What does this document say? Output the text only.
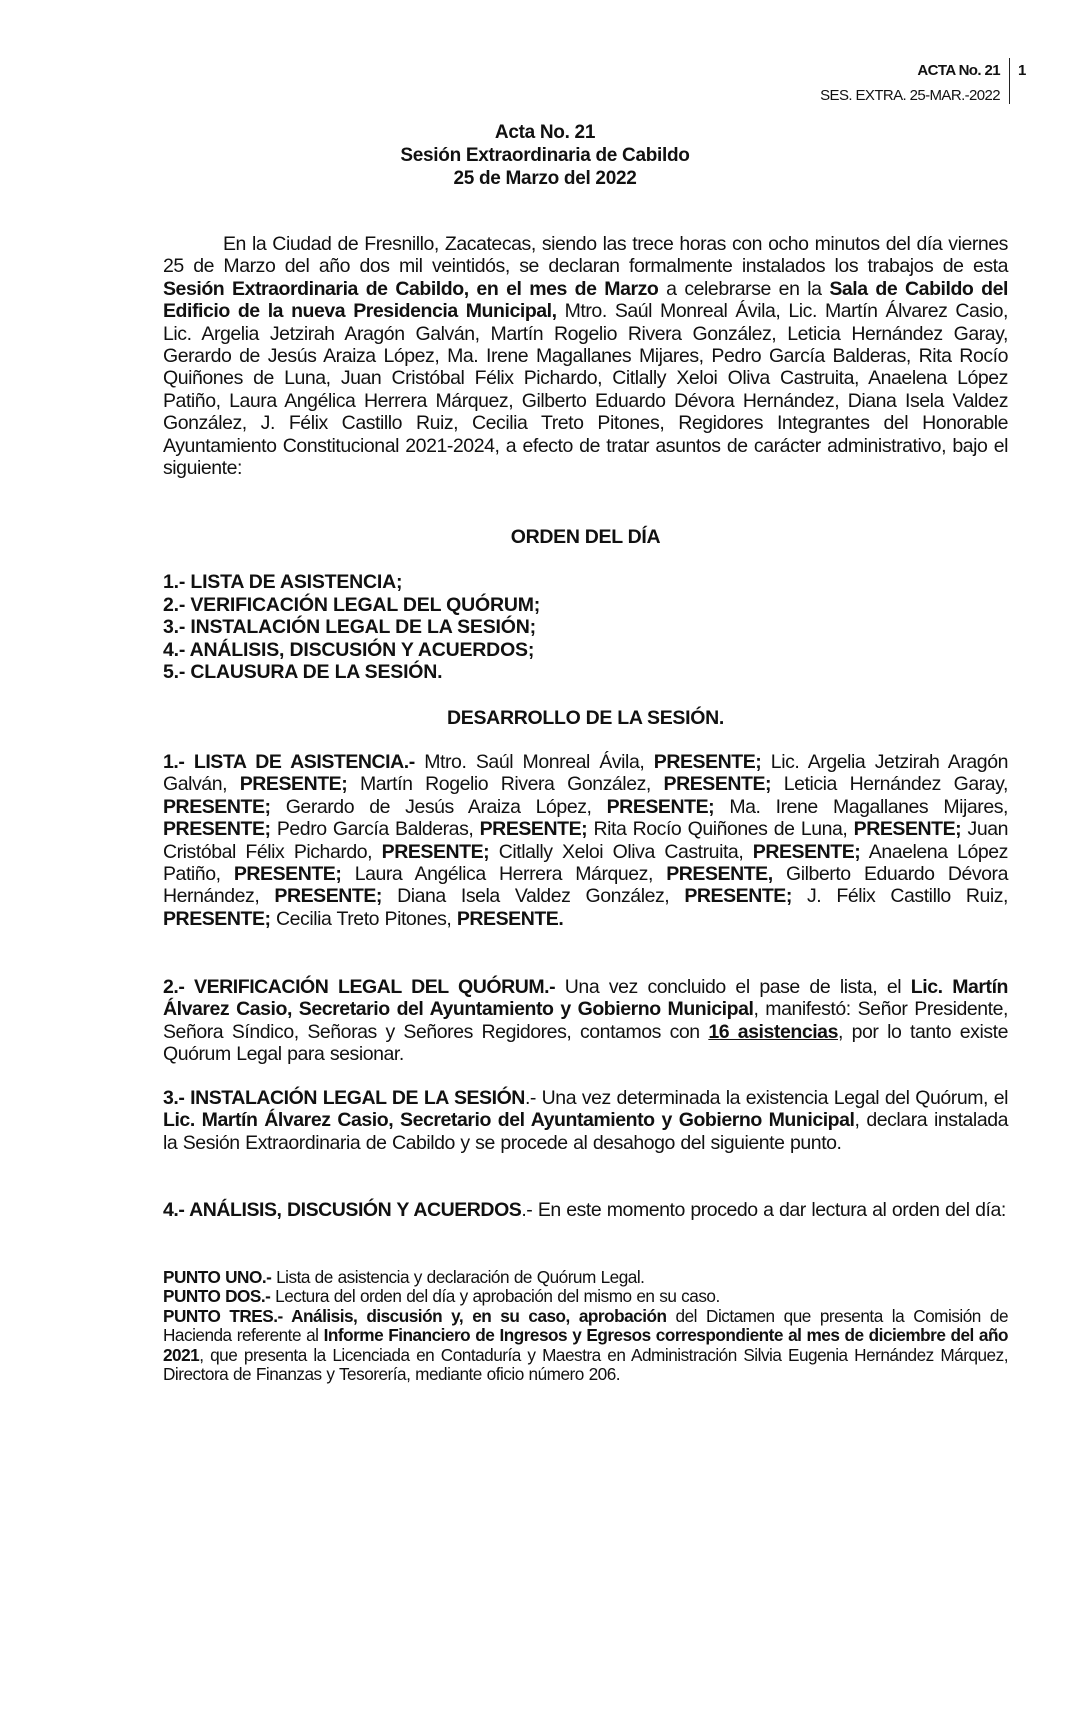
ACTA No. 21
SES. EXTRA. 25-MAR.-2022
1
Acta No. 21
Sesión Extraordinaria de Cabildo
25 de Marzo del 2022
En la Ciudad de Fresnillo, Zacatecas, siendo las trece horas con ocho minutos del día viernes 25 de Marzo del año dos mil veintidós, se declaran formalmente instalados los trabajos de esta Sesión Extraordinaria de Cabildo, en el mes de Marzo a celebrarse en la Sala de Cabildo del Edificio de la nueva Presidencia Municipal, Mtro. Saúl Monreal Ávila, Lic. Martín Álvarez Casio, Lic. Argelia Jetzirah Aragón Galván, Martín Rogelio Rivera González, Leticia Hernández Garay, Gerardo de Jesús Araiza López, Ma. Irene Magallanes Mijares, Pedro García Balderas, Rita Rocío Quiñones de Luna, Juan Cristóbal Félix Pichardo, Citlally Xeloi Oliva Castruita, Anaelena López Patiño, Laura Angélica Herrera Márquez, Gilberto Eduardo Dévora Hernández, Diana Isela Valdez González, J. Félix Castillo Ruiz, Cecilia Treto Pitones, Regidores Integrantes del Honorable Ayuntamiento Constitucional 2021-2024, a efecto de tratar asuntos de carácter administrativo, bajo el siguiente:
ORDEN DEL DÍA
1.- LISTA DE ASISTENCIA;
2.- VERIFICACIÓN LEGAL DEL QUÓRUM;
3.- INSTALACIÓN LEGAL DE LA SESIÓN;
4.- ANÁLISIS, DISCUSIÓN Y ACUERDOS;
5.- CLAUSURA DE LA SESIÓN.
DESARROLLO DE LA SESIÓN.
1.- LISTA DE ASISTENCIA.- Mtro. Saúl Monreal Ávila, PRESENTE; Lic. Argelia Jetzirah Aragón Galván, PRESENTE; Martín Rogelio Rivera González, PRESENTE; Leticia Hernández Garay, PRESENTE; Gerardo de Jesús Araiza López, PRESENTE; Ma. Irene Magallanes Mijares, PRESENTE; Pedro García Balderas, PRESENTE; Rita Rocío Quiñones de Luna, PRESENTE; Juan Cristóbal Félix Pichardo, PRESENTE; Citlally Xeloi Oliva Castruita, PRESENTE; Anaelena López Patiño, PRESENTE; Laura Angélica Herrera Márquez, PRESENTE, Gilberto Eduardo Dévora Hernández, PRESENTE; Diana Isela Valdez González, PRESENTE; J. Félix Castillo Ruiz, PRESENTE; Cecilia Treto Pitones, PRESENTE.
2.- VERIFICACIÓN LEGAL DEL QUÓRUM.- Una vez concluido el pase de lista, el Lic. Martín Álvarez Casio, Secretario del Ayuntamiento y Gobierno Municipal, manifestó: Señor Presidente, Señora Síndico, Señoras y Señores Regidores, contamos con 16 asistencias, por lo tanto existe Quórum Legal para sesionar.
3.- INSTALACIÓN LEGAL DE LA SESIÓN.- Una vez determinada la existencia Legal del Quórum, el Lic. Martín Álvarez Casio, Secretario del Ayuntamiento y Gobierno Municipal, declara instalada la Sesión Extraordinaria de Cabildo y se procede al desahogo del siguiente punto.
4.- ANÁLISIS, DISCUSIÓN Y ACUERDOS.- En este momento procedo a dar lectura al orden del día:
PUNTO UNO.- Lista de asistencia y declaración de Quórum Legal.
PUNTO DOS.- Lectura del orden del día y aprobación del mismo en su caso.
PUNTO TRES.- Análisis, discusión y, en su caso, aprobación del Dictamen que presenta la Comisión de Hacienda referente al Informe Financiero de Ingresos y Egresos correspondiente al mes de diciembre del año 2021, que presenta la Licenciada en Contaduría y Maestra en Administración Silvia Eugenia Hernández Márquez, Directora de Finanzas y Tesorería, mediante oficio número 206.
